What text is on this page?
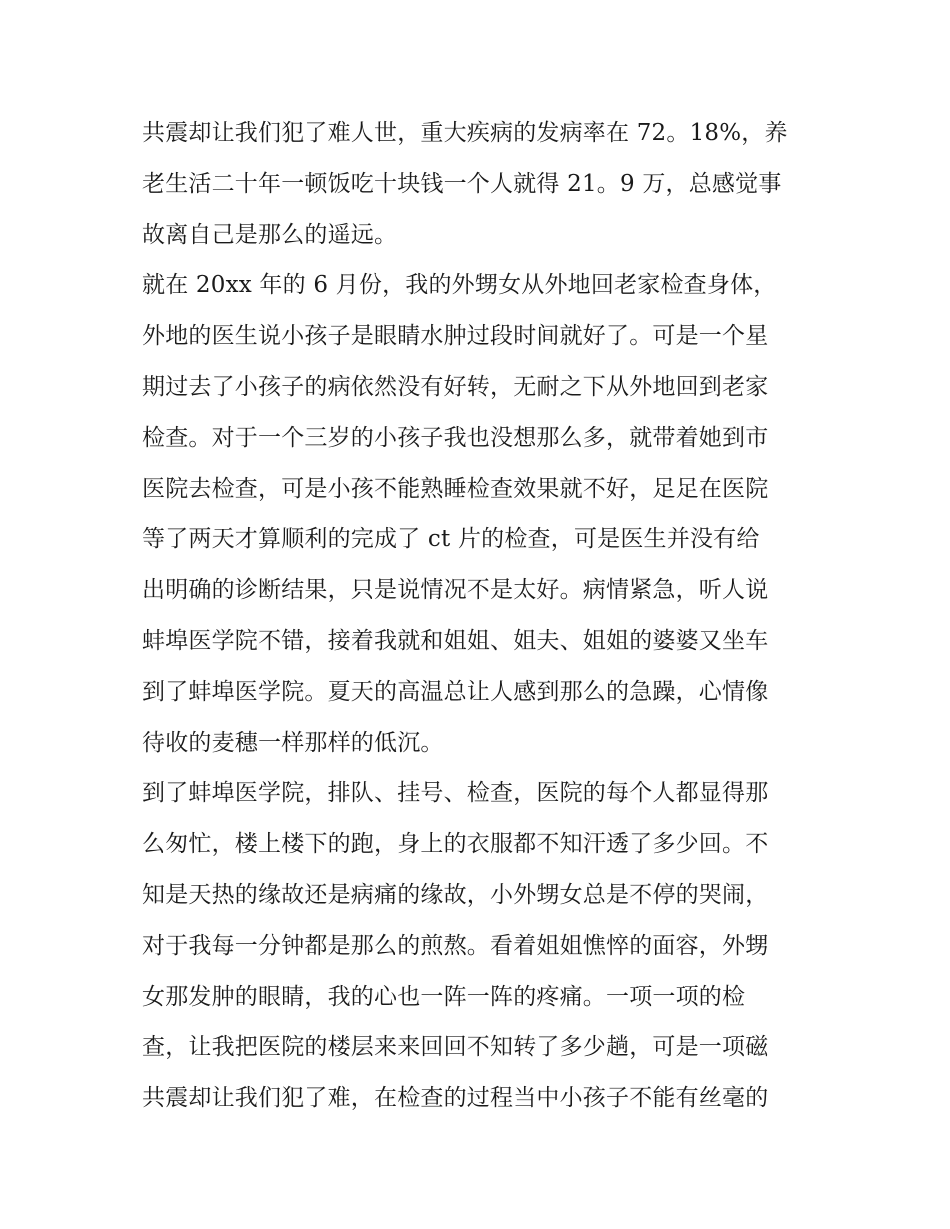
共震却让我们犯了难人世，重大疾病的发病率在 72。18%，养
老生活二十年一顿饭吃十块钱一个人就得 21。9 万，总感觉事
故离自己是那么的遥远。
就在 20xx 年的 6 月份，我的外甥女从外地回老家检查身体，
外地的医生说小孩子是眼睛水肿过段时间就好了。可是一个星
期过去了小孩子的病依然没有好转，无耐之下从外地回到老家
检查。对于一个三岁的小孩子我也没想那么多，就带着她到市
医院去检查，可是小孩不能熟睡检查效果就不好，足足在医院
等了两天才算顺利的完成了 ct 片的检查，可是医生并没有给
出明确的诊断结果，只是说情况不是太好。病情紧急，听人说
蚌埠医学院不错，接着我就和姐姐、姐夫、姐姐的婆婆又坐车
到了蚌埠医学院。夏天的高温总让人感到那么的急躁，心情像
待收的麦穗一样那样的低沉。
到了蚌埠医学院，排队、挂号、检查，医院的每个人都显得那
么匆忙，楼上楼下的跑，身上的衣服都不知汗透了多少回。不
知是天热的缘故还是病痛的缘故，小外甥女总是不停的哭闹，
对于我每一分钟都是那么的煎熬。看着姐姐憔悴的面容，外甥
女那发肿的眼睛，我的心也一阵一阵的疼痛。一项一项的检
查，让我把医院的楼层来来回回不知转了多少趟，可是一项磁
共震却让我们犯了难，在检查的过程当中小孩子不能有丝毫的
